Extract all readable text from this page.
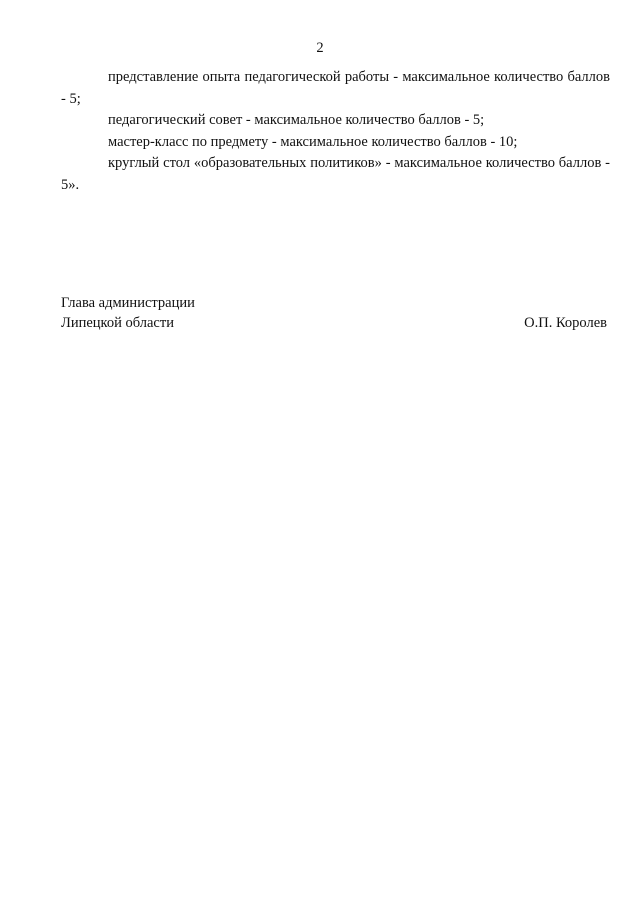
2

представление опыта педагогической работы - максимальное количество баллов - 5;

педагогический совет - максимальное количество баллов - 5;

мастер-класс по предмету - максимальное количество баллов - 10;

круглый стол «образовательных политиков» - максимальное количество баллов - 5».

Глава администрации
Липецкой области	О.П. Королев
